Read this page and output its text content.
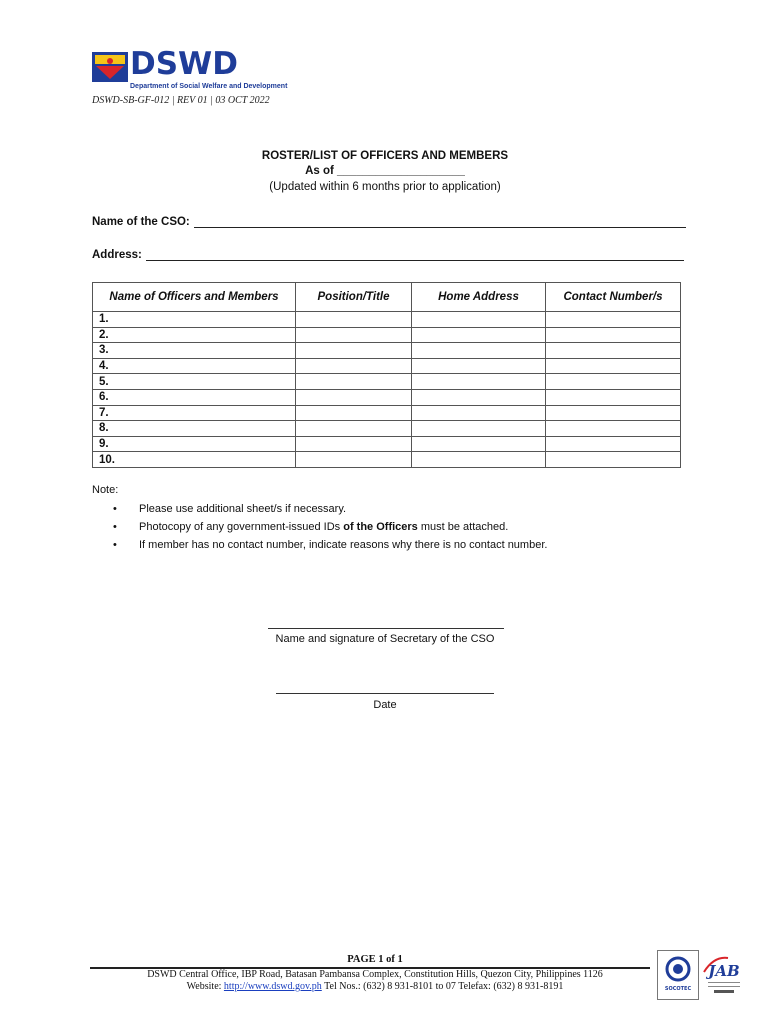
DSWD
Department of Social Welfare and Development
DSWD-SB-GF-012 | REV 01 | 03 OCT 2022
ROSTER/LIST OF OFFICERS AND MEMBERS
As of ____________________
(Updated within 6 months prior to application)
Name of the CSO:
Address:
Name of Officers and Members	Position/Title	Home Address	Contact Number/s
1.			
2.			
3.			
4.			
5.			
6.			
7.			
8.			
9.			
10.			
Note:
• Please use additional sheet/s if necessary.
• Photocopy of any government-issued IDs of the Officers must be attached.
• If member has no contact number, indicate reasons why there is no contact number.
Name and signature of Secretary of the CSO
Date
PAGE 1 of 1
DSWD Central Office, IBP Road, Batasan Pambansa Complex, Constitution Hills, Quezon City, Philippines 1126
Website: http://www.dswd.gov.ph Tel Nos.: (632) 8 931-8101 to 07 Telefax: (632) 8 931-8191	SOCOTEC
JAB
